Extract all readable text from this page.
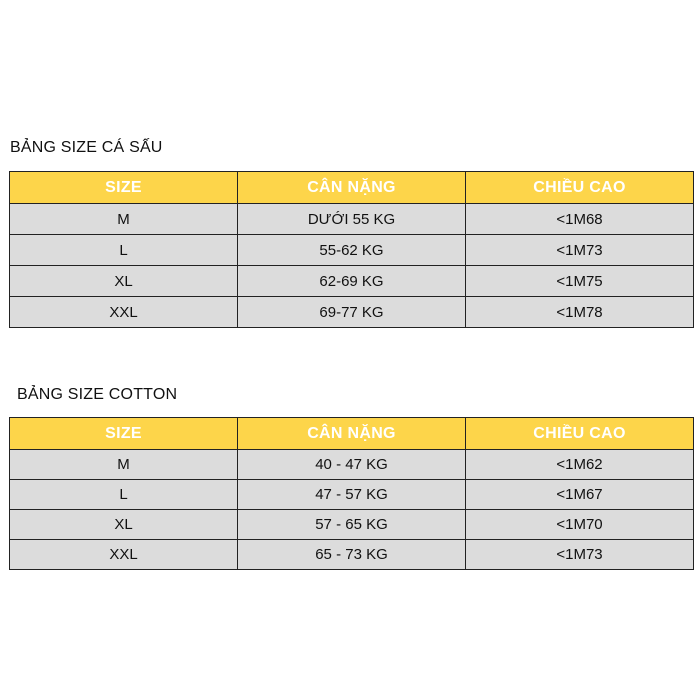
BẢNG SIZE CÁ SẤU
SIZE	CÂN NẶNG	CHIỀU CAO
M	DƯỚI 55 KG	<1M68
L	55-62 KG	<1M73
XL	62-69 KG	<1M75
XXL	69-77 KG	<1M78
BẢNG SIZE COTTON
SIZE	CÂN NẶNG	CHIỀU CAO
M	40 - 47 KG	<1M62
L	47 - 57 KG	<1M67
XL	57 - 65 KG	<1M70
XXL	65 - 73 KG	<1M73
